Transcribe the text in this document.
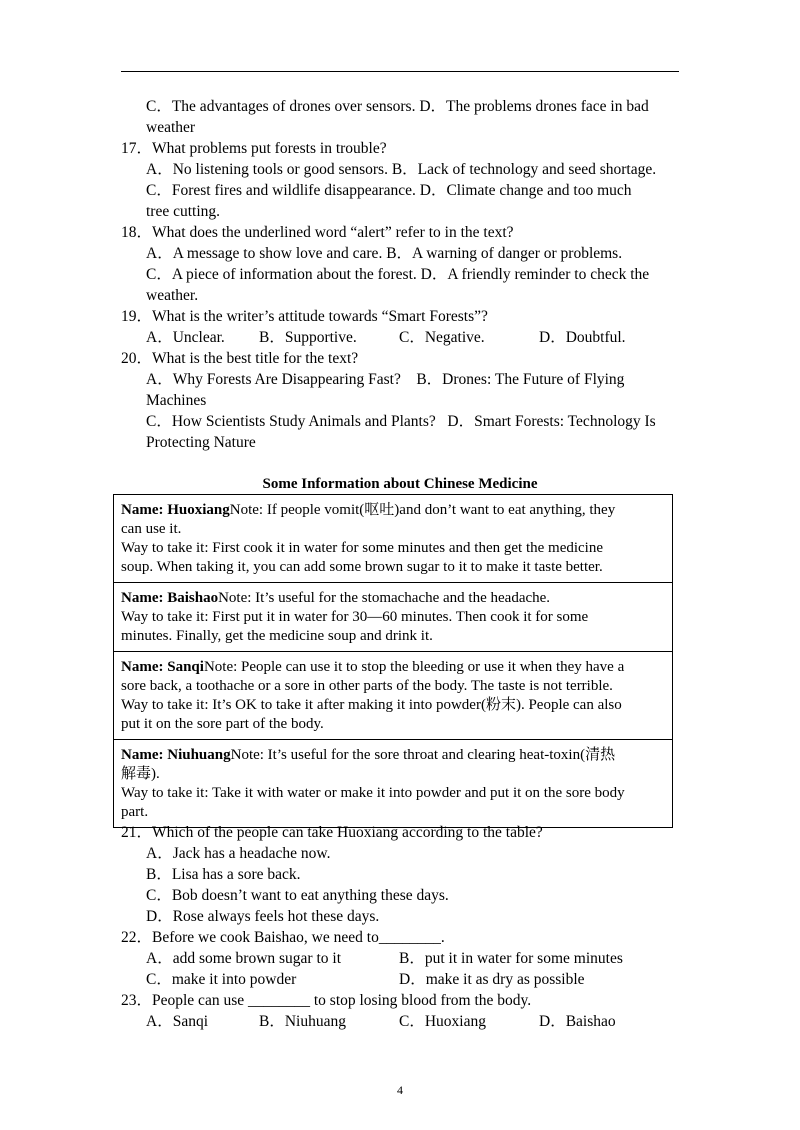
C．The advantages of drones over sensors. D．The problems drones face in bad
weather
17．What problems put forests in trouble?
A．No listening tools or good sensors. B．Lack of technology and seed shortage.
C．Forest fires and wildlife disappearance. D．Climate change and too much
tree cutting.
18．What does the underlined word “alert” refer to in the text?
A．A message to show love and care. B．A warning of danger or problems.
C．A piece of information about the forest. D．A friendly reminder to check the
weather.
19．What is the writer’s attitude towards “Smart Forests”?
A．Unclear. B．Supportive.	C．Negative.	D．Doubtful.
20．What is the best title for the text?
A．Why Forests Are Disappearing Fast?    B．Drones: The Future of Flying
Machines
C．How Scientists Study Animals and Plants?   D．Smart Forests: Technology Is
Protecting Nature
Some Information about Chinese Medicine
Name: HuoxiangNote: If people vomit(呕吐)and don’t want to eat anything, they
can use it.
Way to take it: First cook it in water for some minutes and then get the medicine
soup. When taking it, you can add some brown sugar to it to make it taste better.
Name: BaishaoNote: It’s useful for the stomachache and the headache.
Way to take it: First put it in water for 30—60 minutes. Then cook it for some
minutes. Finally, get the medicine soup and drink it.
Name: SanqiNote: People can use it to stop the bleeding or use it when they have a
sore back, a toothache or a sore in other parts of the body. The taste is not terrible.
Way to take it: It’s OK to take it after making it into powder(粉末). People can also
put it on the sore part of the body.
Name: NiuhuangNote: It’s useful for the sore throat and clearing heat-toxin(清热
解毒).
Way to take it: Take it with water or make it into powder and put it on the sore body
part.
21．Which of the people can take Huoxiang according to the table?
A．Jack has a headache now.
B．Lisa has a sore back.
C．Bob doesn’t want to eat anything these days.
D．Rose always feels hot these days.
22．Before we cook Baishao, we need to________.
A．add some brown sugar to it	B．put it in water for some minutes
C．make it into powder	D．make it as dry as possible
23．People can use ________ to stop losing blood from the body.
A．Sanqi	B．Niuhuang	C．Huoxiang	D．Baishao
4
